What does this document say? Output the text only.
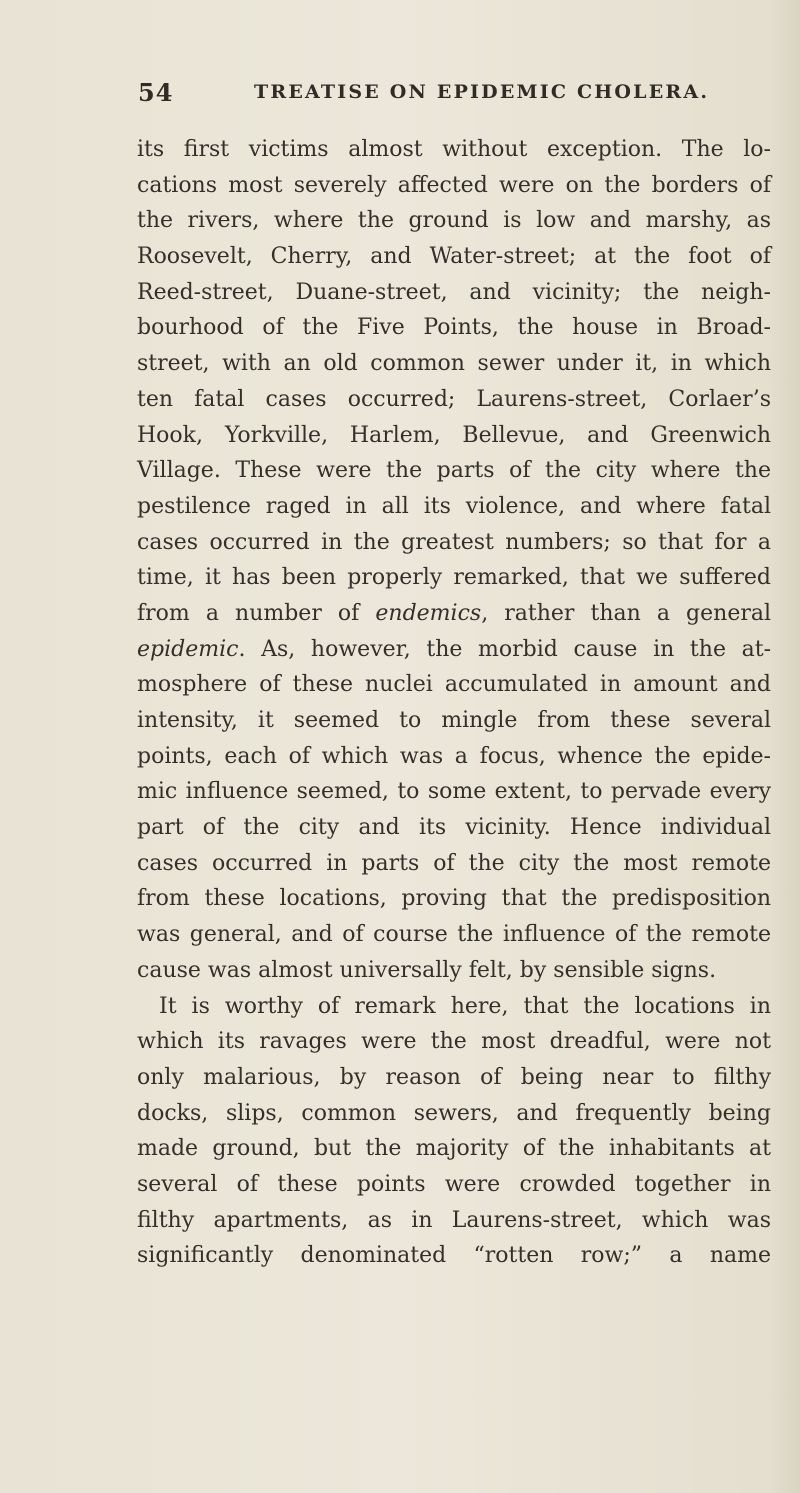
54	TREATISE ON EPIDEMIC CHOLERA.
its first victims almost without exception. The lo-
cations most severely affected were on the borders of
the rivers, where the ground is low and marshy, as
Roosevelt, Cherry, and Water-street; at the foot of
Reed-street, Duane-street, and vicinity; the neigh-
bourhood of the Five Points, the house in Broad-
street, with an old common sewer under it, in which
ten fatal cases occurred; Laurens-street, Corlaer’s
Hook, Yorkville, Harlem, Bellevue, and Greenwich
Village. These were the parts of the city where the
pestilence raged in all its violence, and where fatal
cases occurred in the greatest numbers; so that for a
time, it has been properly remarked, that we suffered
from a number of endemics, rather than a general
epidemic. As, however, the morbid cause in the at-
mosphere of these nuclei accumulated in amount and
intensity, it seemed to mingle from these several
points, each of which was a focus, whence the epide-
mic influence seemed, to some extent, to pervade every
part of the city and its vicinity. Hence individual
cases occurred in parts of the city the most remote
from these locations, proving that the predisposition
was general, and of course the influence of the remote
cause was almost universally felt, by sensible signs.
It is worthy of remark here, that the locations in
which its ravages were the most dreadful, were not
only malarious, by reason of being near to filthy
docks, slips, common sewers, and frequently being
made ground, but the majority of the inhabitants at
several of these points were crowded together in
filthy apartments, as in Laurens-street, which was
significantly denominated “rotten row;” a name
